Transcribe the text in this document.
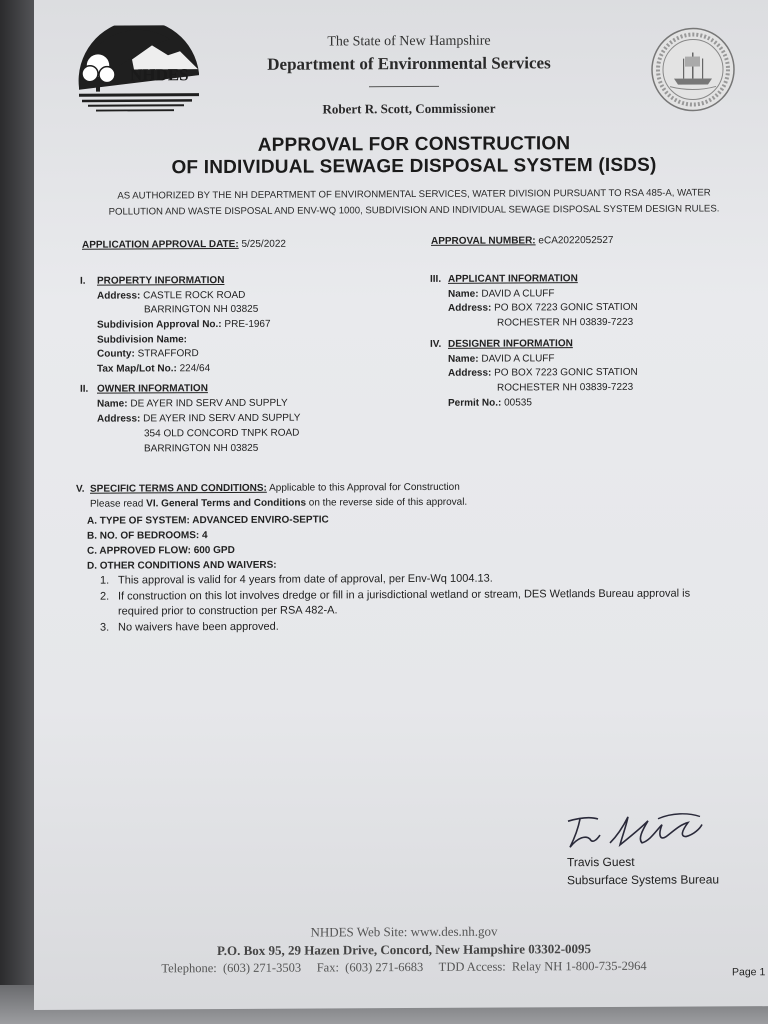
NHDES
The State of New Hampshire
Department of Environmental Services
Robert R. Scott, Commissioner
APPROVAL FOR CONSTRUCTION
OF INDIVIDUAL SEWAGE DISPOSAL SYSTEM (ISDS)
AS AUTHORIZED BY THE NH DEPARTMENT OF ENVIRONMENTAL SERVICES, WATER DIVISION PURSUANT TO RSA 485-A, WATER
POLLUTION AND WASTE DISPOSAL AND ENV-WQ 1000, SUBDIVISION AND INDIVIDUAL SEWAGE DISPOSAL SYSTEM DESIGN RULES.
APPLICATION APPROVAL DATE: 5/25/2022	APPROVAL NUMBER: eCA2022052527
I. PROPERTY INFORMATION
Address: CASTLE ROCK ROAD
BARRINGTON NH 03825
Subdivision Approval No.: PRE-1967
Subdivision Name:
County: STRAFFORD
Tax Map/Lot No.: 224/64
II. OWNER INFORMATION
Name: DE AYER IND SERV AND SUPPLY
Address: DE AYER IND SERV AND SUPPLY
354 OLD CONCORD TNPK ROAD
BARRINGTON NH 03825
III. APPLICANT INFORMATION
Name: DAVID A CLUFF
Address: PO BOX 7223 GONIC STATION
ROCHESTER NH 03839-7223
IV. DESIGNER INFORMATION
Name: DAVID A CLUFF
Address: PO BOX 7223 GONIC STATION
ROCHESTER NH 03839-7223
Permit No.: 00535
V. SPECIFIC TERMS AND CONDITIONS: Applicable to this Approval for Construction
Please read VI. General Terms and Conditions on the reverse side of this approval.
A. TYPE OF SYSTEM: ADVANCED ENVIRO-SEPTIC
B. NO. OF BEDROOMS: 4
C. APPROVED FLOW: 600 GPD
D. OTHER CONDITIONS AND WAIVERS:
1. This approval is valid for 4 years from date of approval, per Env-Wq 1004.13.
2. If construction on this lot involves dredge or fill in a jurisdictional wetland or stream, DES Wetlands Bureau approval is
required prior to construction per RSA 482-A.
3. No waivers have been approved.
Travis Guest
Subsurface Systems Bureau
NHDES Web Site: www.des.nh.gov
P.O. Box 95, 29 Hazen Drive, Concord, New Hampshire 03302-0095
Telephone:  (603) 271-3503     Fax:  (603) 271-6683     TDD Access:  Relay NH 1-800-735-2964	Page 1
